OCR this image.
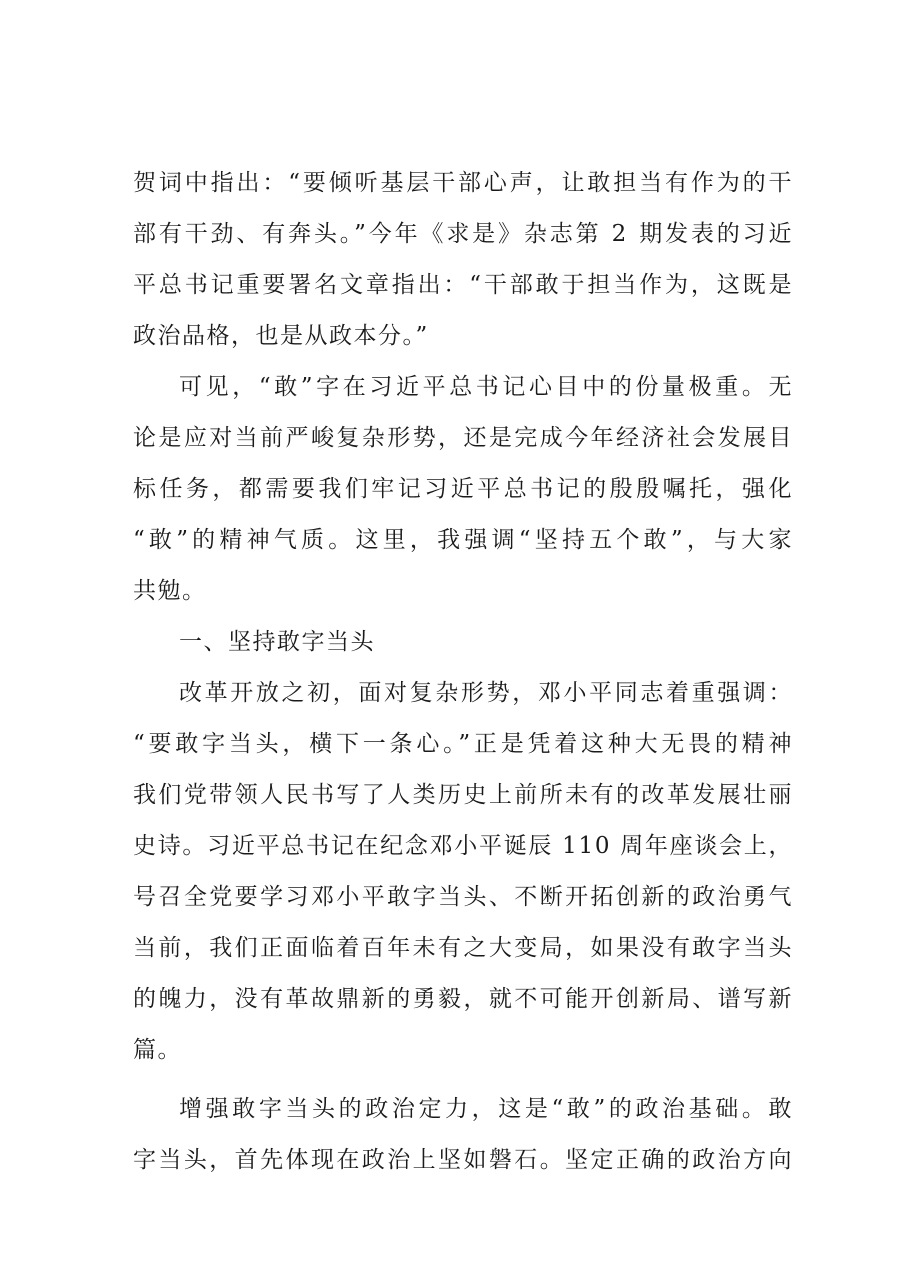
贺词中指出：“要倾听基层干部心声，让敢担当有作为的干
部有干劲、有奔头。”今年《求是》杂志第 2 期发表的习近
平总书记重要署名文章指出：“干部敢于担当作为，这既是
政治品格，也是从政本分。”
可见，“敢”字在习近平总书记心目中的份量极重。无
论是应对当前严峻复杂形势，还是完成今年经济社会发展目
标任务，都需要我们牢记习近平总书记的殷殷嘱托，强化
“敢”的精神气质。这里，我强调“坚持五个敢”，与大家
共勉。
一、坚持敢字当头
改革开放之初，面对复杂形势，邓小平同志着重强调：
“要敢字当头，横下一条心。”正是凭着这种大无畏的精神
我们党带领人民书写了人类历史上前所未有的改革发展壮丽
史诗。习近平总书记在纪念邓小平诞辰 110 周年座谈会上，
号召全党要学习邓小平敢字当头、不断开拓创新的政治勇气
当前，我们正面临着百年未有之大变局，如果没有敢字当头
的魄力，没有革故鼎新的勇毅，就不可能开创新局、谱写新
篇。
增强敢字当头的政治定力，这是“敢”的政治基础。敢
字当头，首先体现在政治上坚如磐石。坚定正确的政治方向
